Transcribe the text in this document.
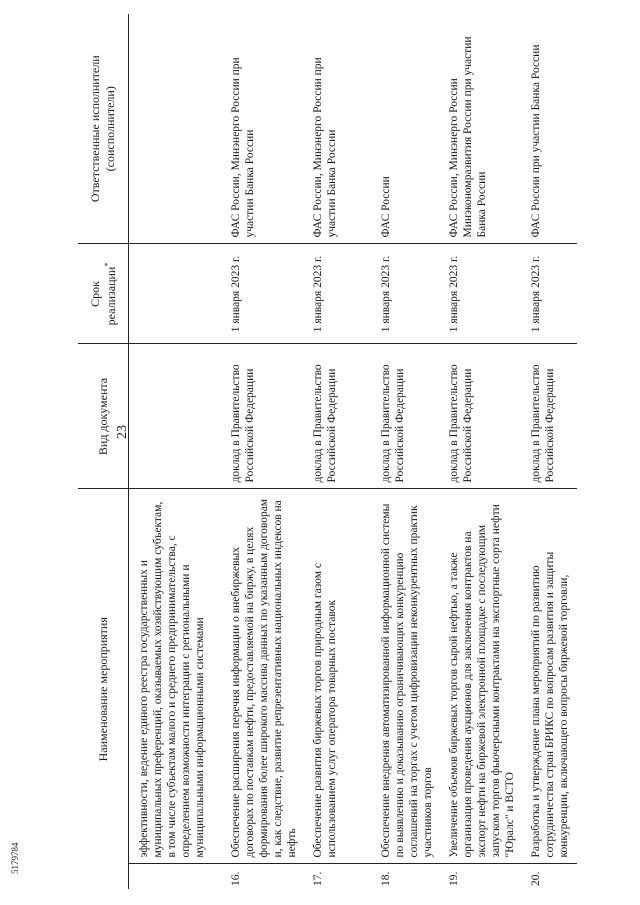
23
5179784
Наименование мероприятия		Вид документа	Срок реализации*	Ответственные исполнители (соисполнители)
	эффективности, ведение единого реестра государственных и муниципальных преференций, оказываемых хозяйствующим субъектам, в том числе субъектам малого и среднего предпринимательства, с определением возможности интеграции с региональными и муниципальными информационными системами			
16.	Обеспечение расширения перечня информации о внебиржевых договорах по поставкам нефти, предоставляемой на биржу, в целях формирования более широкого массива данных по указанным договорам и, как следствие, развитие репрезентативных национальных индексов на нефть	доклад в Правительство Российской Федерации	1 января 2023 г.	ФАС России, Минэнерго России при участии Банка России
17.	Обеспечение развития биржевых торгов природным газом с использованием услуг оператора товарных поставок	доклад в Правительство Российской Федерации	1 января 2023 г.	ФАС России, Минэнерго России при участии Банка России
18.	Обеспечение внедрения автоматизированной информационной системы по выявлению и доказыванию ограничивающих конкуренцию соглашений на торгах с учетом цифровизации неконкурентных практик участников торгов	доклад в Правительство Российской Федерации	1 января 2023 г.	ФАС России
19.	Увеличение объемов биржевых торгов сырой нефтью, а также организация проведения аукционов для заключения контрактов на экспорт нефти на биржевой электронной площадке с последующим запуском торгов фьючерсными контрактами на экспортные сорта нефти "Юралс" и ВСТО	доклад в Правительство Российской Федерации	1 января 2023 г.	ФАС России, Минэнерго России Минэкономразвития России при участии Банка России
20.	Разработка и утверждение плана мероприятий по развитию сотрудничества стран БРИКС по вопросам развития и защиты конкуренции, включающего вопросы биржевой торговли,	доклад в Правительство Российской Федерации	1 января 2023 г.	ФАС России при участии Банка России
